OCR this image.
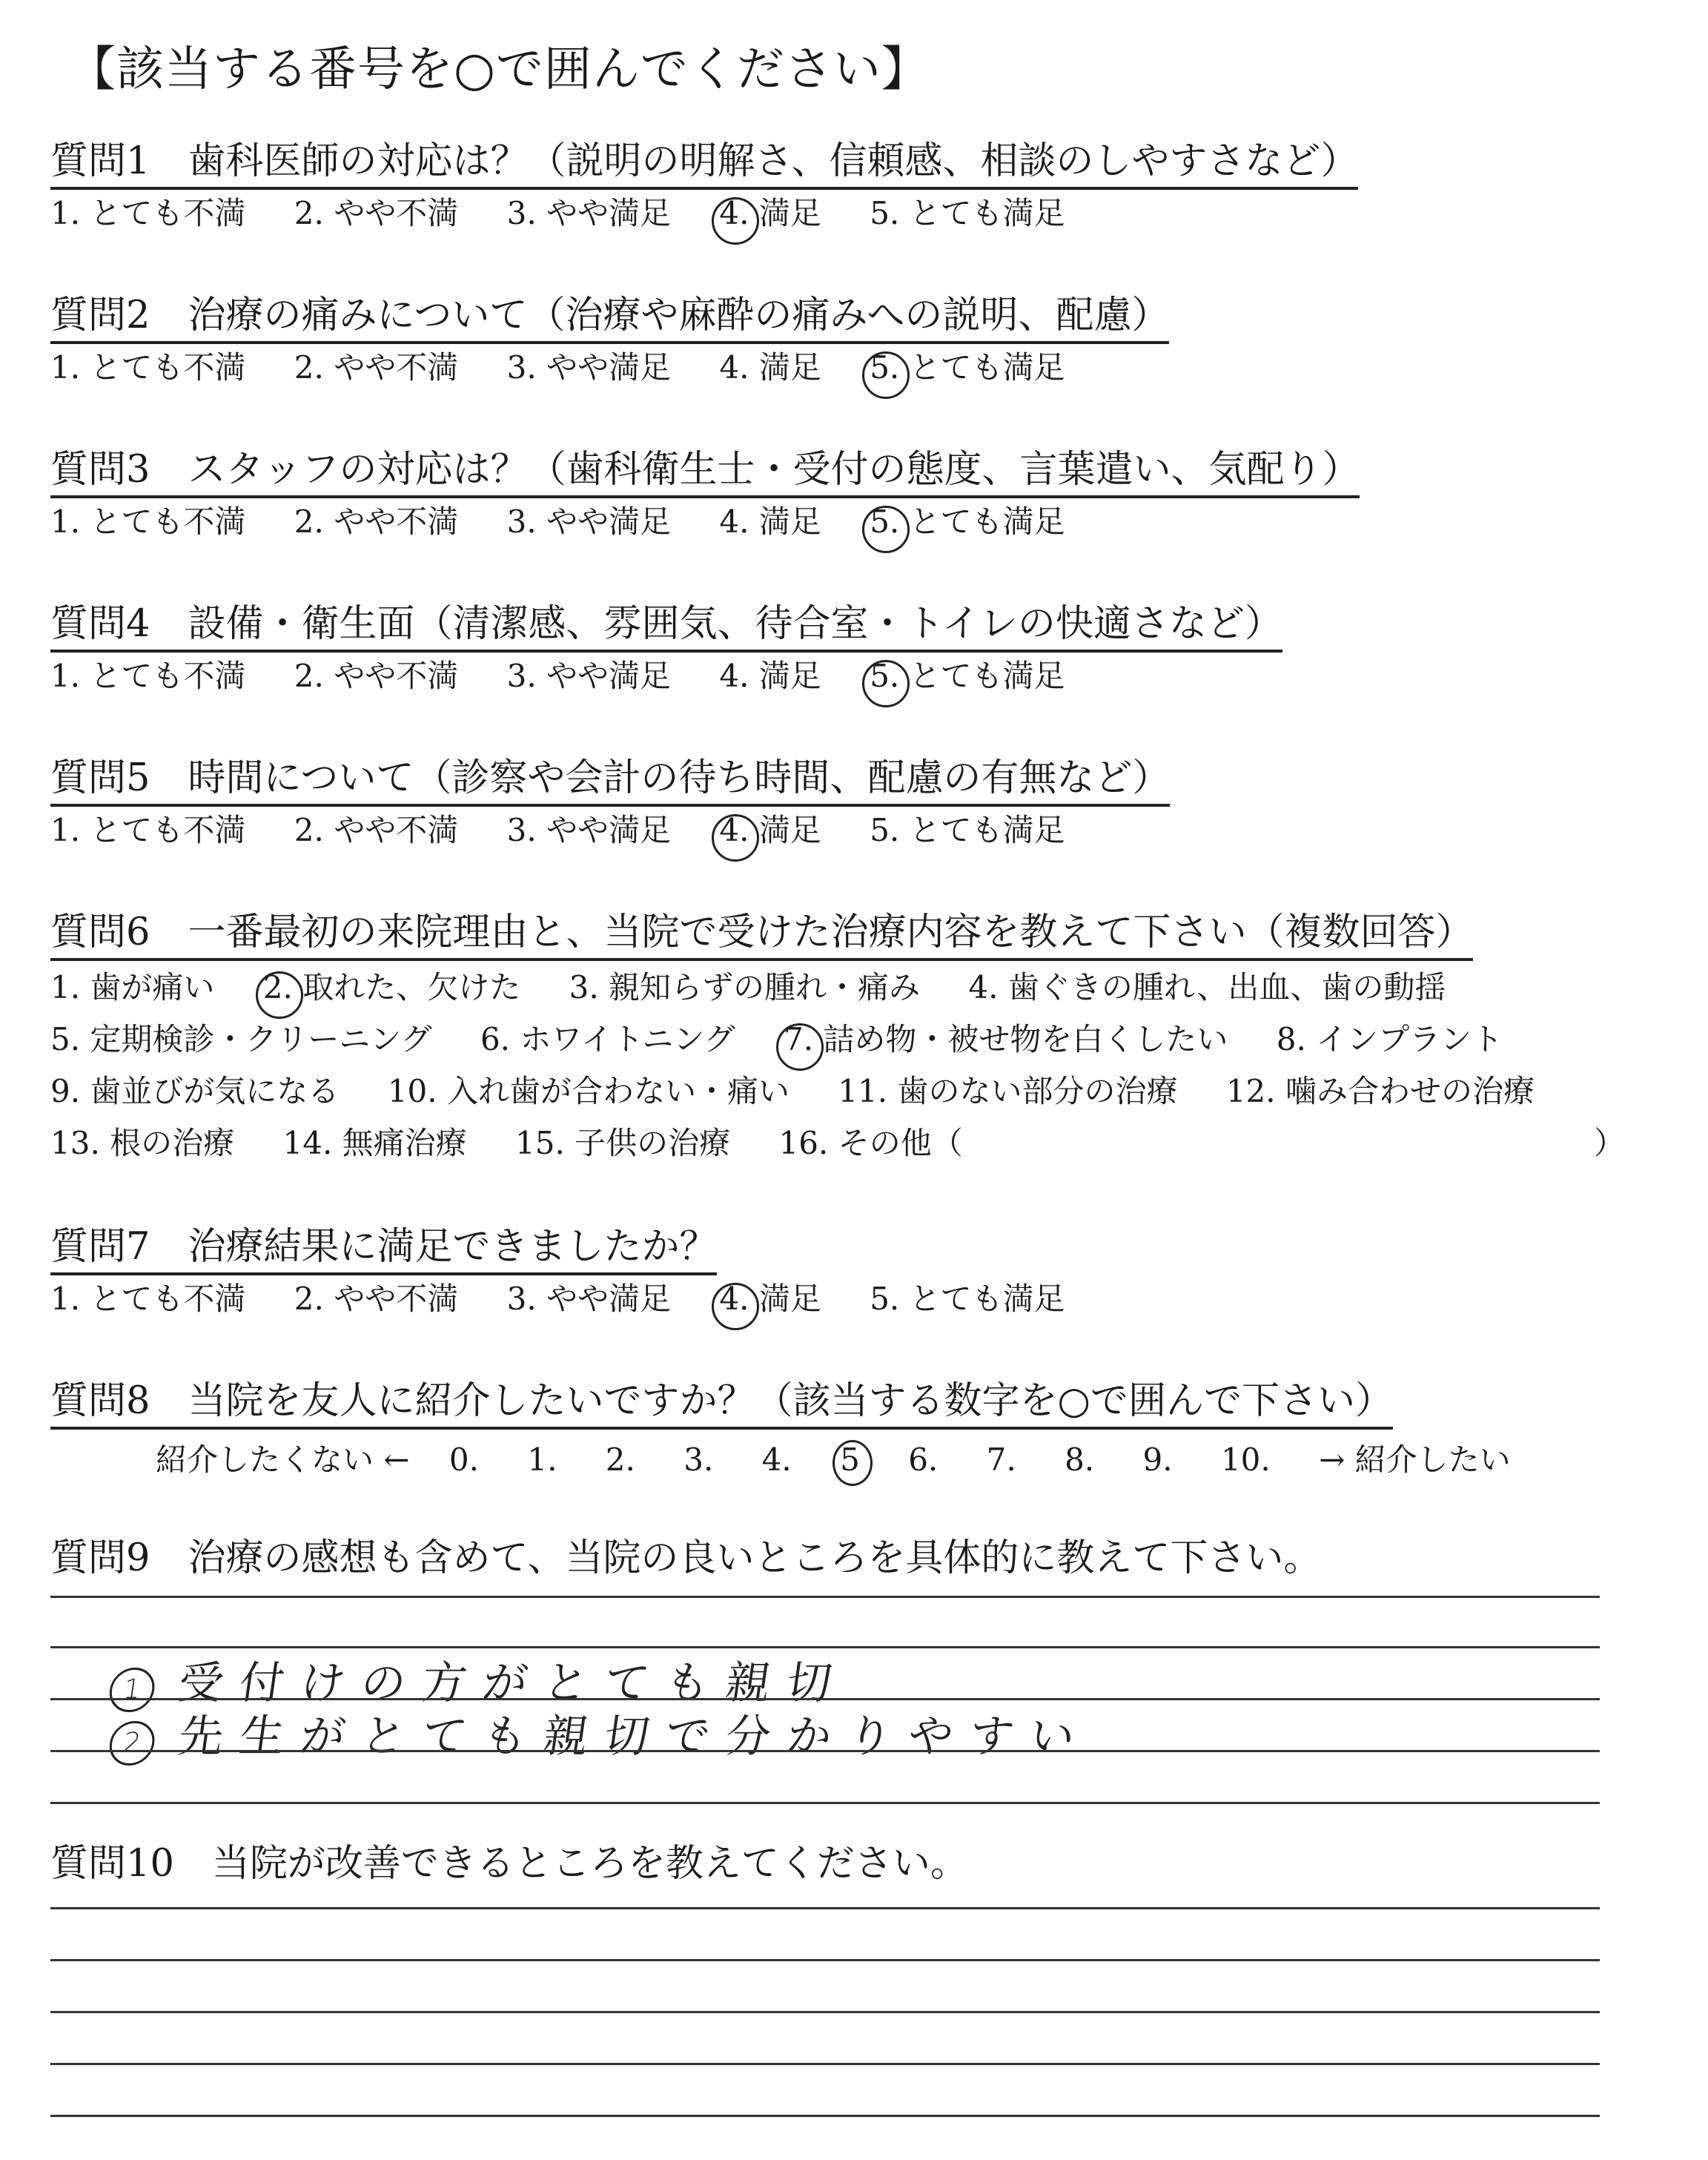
【該当する番号を○で囲んでください】
質問1　歯科医師の対応は？（説明の明解さ、信頼感、相談のしやすさなど）
1. とても不満 2. やや不満 3. やや満足 4. 満足 5. とても満足
質問2　治療の痛みについて（治療や麻酔の痛みへの説明、配慮）
1. とても不満 2. やや不満 3. やや満足 4. 満足 5. とても満足
質問3　スタッフの対応は？（歯科衛生士・受付の態度、言葉遣い、気配り）
1. とても不満 2. やや不満 3. やや満足 4. 満足 5. とても満足
質問4　設備・衛生面（清潔感、雰囲気、待合室・トイレの快適さなど）
1. とても不満 2. やや不満 3. やや満足 4. 満足 5. とても満足
質問5　時間について（診察や会計の待ち時間、配慮の有無など）
1. とても不満 2. やや不満 3. やや満足 4. 満足 5. とても満足
質問6　一番最初の来院理由と、当院で受けた治療内容を教えて下さい（複数回答）
1. 歯が痛い 2. 取れた、欠けた 3. 親知らずの腫れ・痛み 4. 歯ぐきの腫れ、出血、歯の動揺
5. 定期検診・クリーニング 6. ホワイトニング 7. 詰め物・被せ物を白くしたい 8. インプラント
9. 歯並びが気になる 10. 入れ歯が合わない・痛い 11. 歯のない部分の治療 12. 噛み合わせの治療
13. 根の治療 14. 無痛治療 15. 子供の治療 16. その他（	）
質問7　治療結果に満足できましたか？
1. とても不満 2. やや不満 3. やや満足 4. 満足 5. とても満足
質問8　当院を友人に紹介したいですか？（該当する数字を○で囲んで下さい）
紹介したくない ← 0. 1. 2. 3. 4. 5 6. 7. 8. 9. 10. → 紹介したい
質問9　治療の感想も含めて、当院の良いところを具体的に教えて下さい。
1 受付けの方がとても親切
2 先生がとても親切で分かりやすい
質問10　当院が改善できるところを教えてください。
